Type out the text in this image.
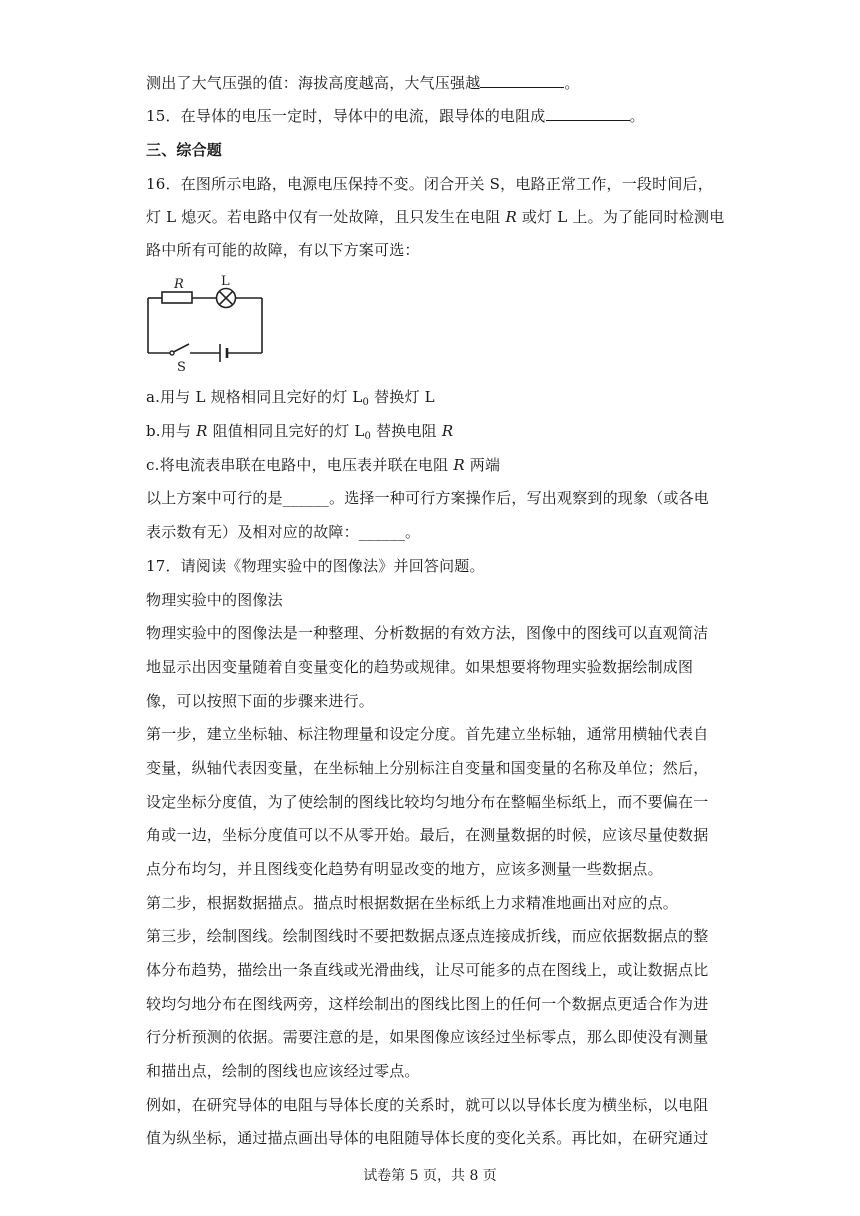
测出了大气压强的值：海拔高度越高，大气压强越	。
15．在导体的电压一定时，导体中的电流，跟导体的电阻成	。
三、综合题
16．在图所示电路，电源电压保持不变。闭合开关 S，电路正常工作，一段时间后，
灯 L 熄灭。若电路中仅有一处故障，且只发生在电阻 R 或灯 L 上。为了能同时检测电
路中所有可能的故障，有以下方案可选：
R	L
S
a.用与 L 规格相同且完好的灯 $L_0$ 替换灯 L
b.用与 R 阻值相同且完好的灯 $L_0$ 替换电阻 R
c.将电流表串联在电路中，电压表并联在电阻 R 两端
以上方案中可行的是______。选择一种可行方案操作后，写出观察到的现象（或各电
表示数有无）及相对应的故障：______。
17．请阅读《物理实验中的图像法》并回答问题。
物理实验中的图像法
物理实验中的图像法是一种整理、分析数据的有效方法，图像中的图线可以直观简洁
地显示出因变量随着自变量变化的趋势或规律。如果想要将物理实验数据绘制成图
像，可以按照下面的步骤来进行。
第一步，建立坐标轴、标注物理量和设定分度。首先建立坐标轴，通常用横轴代表自
变量，纵轴代表因变量，在坐标轴上分别标注自变量和国变量的名称及单位；然后，
设定坐标分度值，为了使绘制的图线比较均匀地分布在整幅坐标纸上，而不要偏在一
角或一边，坐标分度值可以不从零开始。最后，在测量数据的时候，应该尽量使数据
点分布均匀，并且图线变化趋势有明显改变的地方，应该多测量一些数据点。
第二步，根据数据描点。描点时根据数据在坐标纸上力求精准地画出对应的点。
第三步，绘制图线。绘制图线时不要把数据点逐点连接成折线，而应依据数据点的整
体分布趋势，描绘出一条直线或光滑曲线，让尽可能多的点在图线上，或让数据点比
较均匀地分布在图线两旁，这样绘制出的图线比图上的任何一个数据点更适合作为进
行分析预测的依据。需要注意的是，如果图像应该经过坐标零点，那么即使没有测量
和描出点，绘制的图线也应该经过零点。
例如，在研究导体的电阻与导体长度的关系时，就可以以导体长度为横坐标，以电阻
值为纵坐标，通过描点画出导体的电阻随导体长度的变化关系。再比如，在研究通过
试卷第 5 页，共 8 页
